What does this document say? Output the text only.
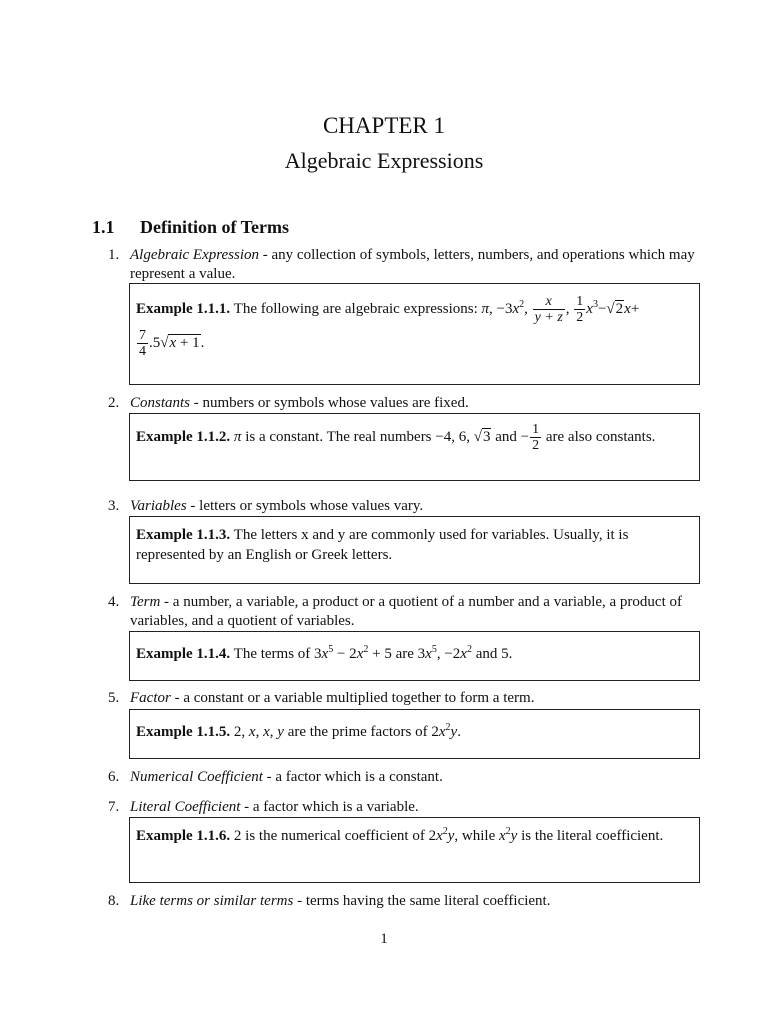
CHAPTER 1
Algebraic Expressions
1.1 Definition of Terms
1. Algebraic Expression - any collection of symbols, letters, numbers, and operations which may represent a value.
Example 1.1.1. The following are algebraic expressions: π, $-3x^2$, $\frac{x}{y + z}$ , $\frac{1}{2} x^3-√2x+$
$\frac{7}{4} .5√x + 1$.
2. Constants - numbers or symbols whose values are fixed.
Example 1.1.2. π is a constant. The real numbers −4, 6, √3 and − $\frac{1}{2}$ are also constants.
3. Variables - letters or symbols whose values vary.
Example 1.1.3. The letters x and y are commonly used for variables. Usually, it is represented by an English or Greek letters.
4. Term - a number, a variable, a product or a quotient of a number and a variable, a product of variables, and a quotient of variables.
Example 1.1.4. The terms of $3x^5 - 2x^2 + 5$ are $3x^5$, $-2x^2$ and 5.
5. Factor - a constant or a variable multiplied together to form a term.
Example 1.1.5. 2, x, x, y are the prime factors of $2x^2y$.
6. Numerical Coefficient - a factor which is a constant.
7. Literal Coefficient - a factor which is a variable.
Example 1.1.6. 2 is the numerical coefficient of $2x^2y$, while $x^2y$ is the literal coefficient.
8. Like terms or similar terms - terms having the same literal coefficient.
1
